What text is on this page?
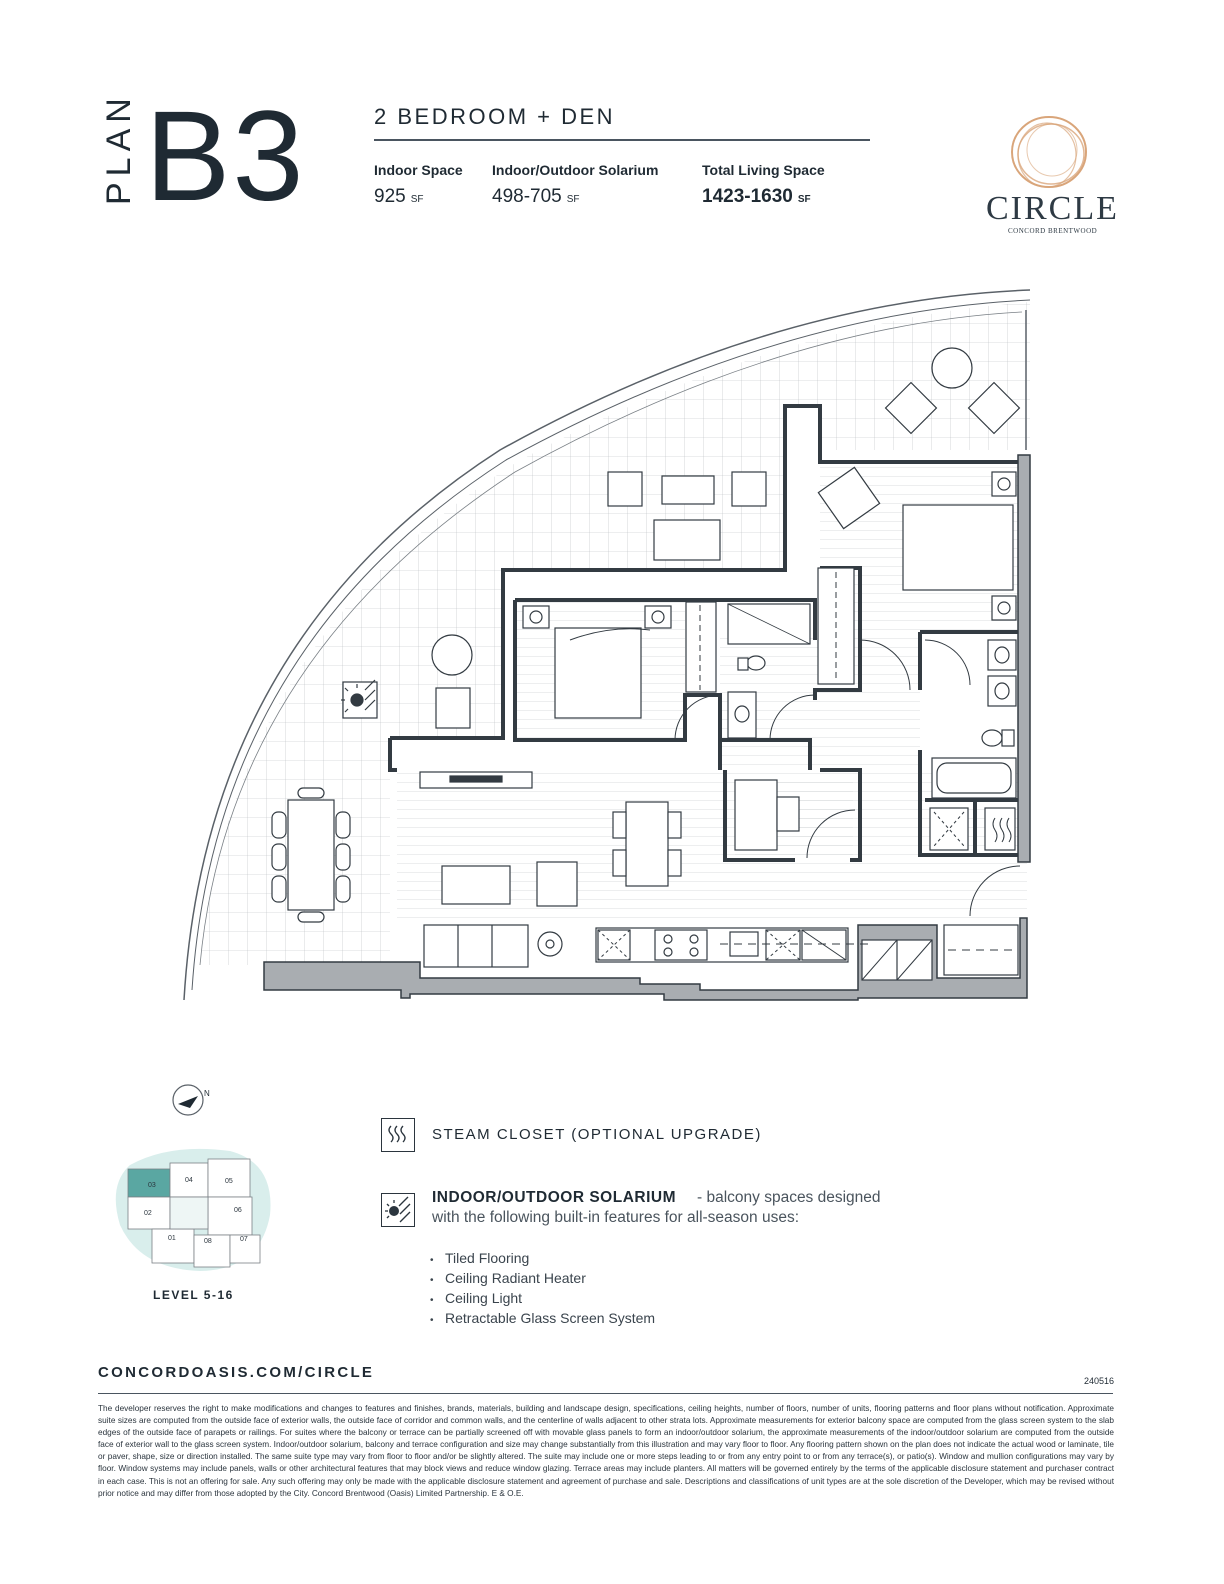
PLAN B3	2 BEDROOM + DEN
Indoor Space
925 SF
Indoor/Outdoor Solarium
498-705 SF
Total Living Space
1423-1630 SF	CIRCLE
CONCORD BRENTWOOD
N
03
04	05
02	06
01	08	07
LEVEL 5-16
STEAM CLOSET (OPTIONAL UPGRADE)
INDOOR/OUTDOOR SOLARIUM - balcony spaces designed
with the following built-in features for all-season uses:
• Tiled Flooring
• Ceiling Radiant Heater
• Ceiling Light
• Retractable Glass Screen System
CONCORDOASIS.COM/CIRCLE	240516
The developer reserves the right to make modifications and changes to features and finishes, brands, materials, building and landscape design, specifications, ceiling heights, number of floors, number of units, flooring patterns and floor plans without notification. Approximate suite sizes are computed from the outside face of exterior walls, the outside face of corridor and common walls, and the centerline of walls adjacent to other strata lots. Approximate measurements for exterior balcony space are computed from the glass screen system to the slab edges of the outside face of parapets or railings. For suites where the balcony or terrace can be partially screened off with movable glass panels to form an indoor/outdoor solarium, the approximate measurements of the indoor/outdoor solarium are computed from the outside face of exterior wall to the glass screen system. Indoor/outdoor solarium, balcony and terrace configuration and size may change substantially from this illustration and may vary floor to floor. Any flooring pattern shown on the plan does not indicate the actual wood or laminate, tile or paver, shape, size or direction installed. The same suite type may vary from floor to floor and/or be slightly altered. The suite may include one or more steps leading to or from any entry point to or from any terrace(s), or patio(s). Window and mullion configurations may vary by floor. Window systems may include panels, walls or other architectural features that may block views and reduce window glazing. Terrace areas may include planters. All matters will be governed entirely by the terms of the applicable disclosure statement and purchaser contract in each case. This is not an offering for sale. Any such offering may only be made with the applicable disclosure statement and agreement of purchase and sale. Descriptions and classifications of unit types are at the sole discretion of the Developer, which may be revised without prior notice and may differ from those adopted by the City. Concord Brentwood (Oasis) Limited Partnership. E & O.E.
